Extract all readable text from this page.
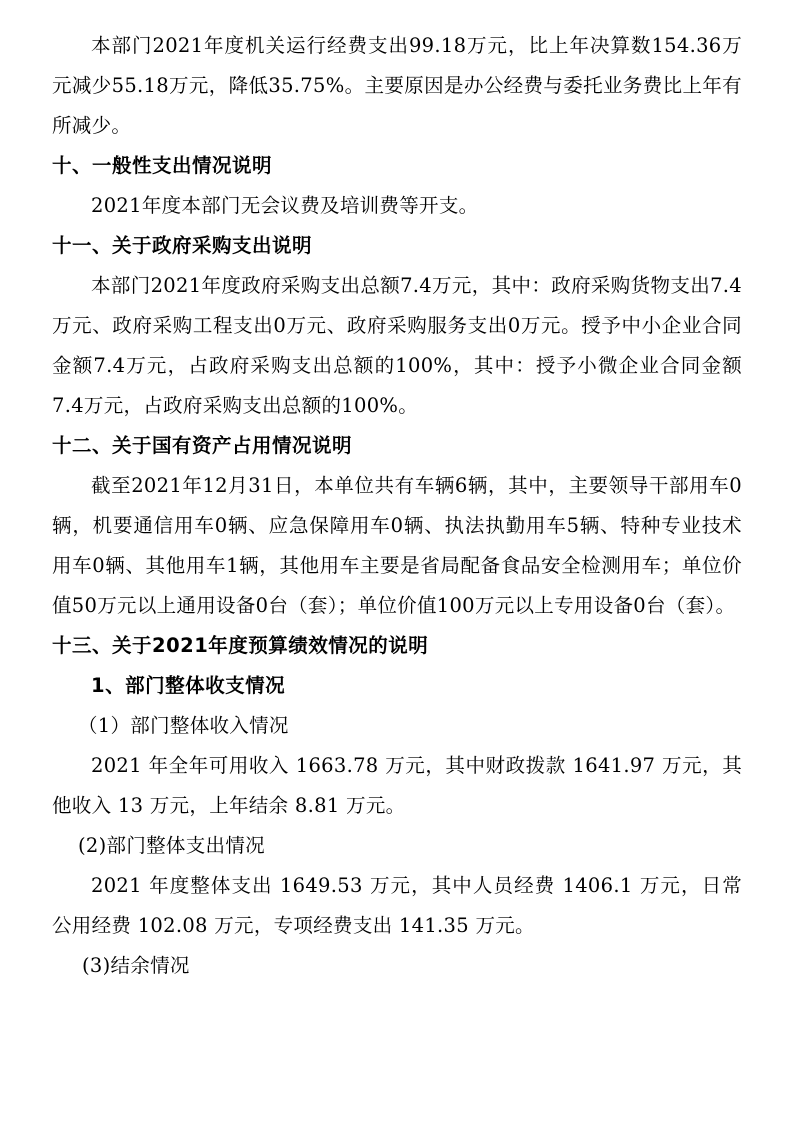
本部门2021年度机关运行经费支出99.18万元，比上年决算数154.36万元减少55.18万元，降低35.75%。主要原因是办公经费与委托业务费比上年有所减少。

十、一般性支出情况说明

2021年度本部门无会议费及培训费等开支。

十一、关于政府采购支出说明

本部门2021年度政府采购支出总额7.4万元，其中：政府采购货物支出7.4万元、政府采购工程支出0万元、政府采购服务支出0万元。授予中小企业合同金额7.4万元，占政府采购支出总额的100%，其中：授予小微企业合同金额7.4万元，占政府采购支出总额的100%。

十二、关于国有资产占用情况说明

截至2021年12月31日，本单位共有车辆6辆，其中，主要领导干部用车0辆，机要通信用车0辆、应急保障用车0辆、执法执勤用车5辆、特种专业技术用车0辆、其他用车1辆，其他用车主要是省局配备食品安全检测用车；单位价值50万元以上通用设备0台（套）；单位价值100万元以上专用设备0台（套）。

十三、关于2021年度预算绩效情况的说明

1、部门整体收支情况

（1）部门整体收入情况

2021 年全年可用收入 1663.78 万元，其中财政拨款 1641.97 万元，其他收入 13 万元，上年结余 8.81 万元。

(2)部门整体支出情况

2021 年度整体支出 1649.53 万元，其中人员经费 1406.1 万元，日常公用经费 102.08 万元，专项经费支出 141.35 万元。

(3)结余情况
